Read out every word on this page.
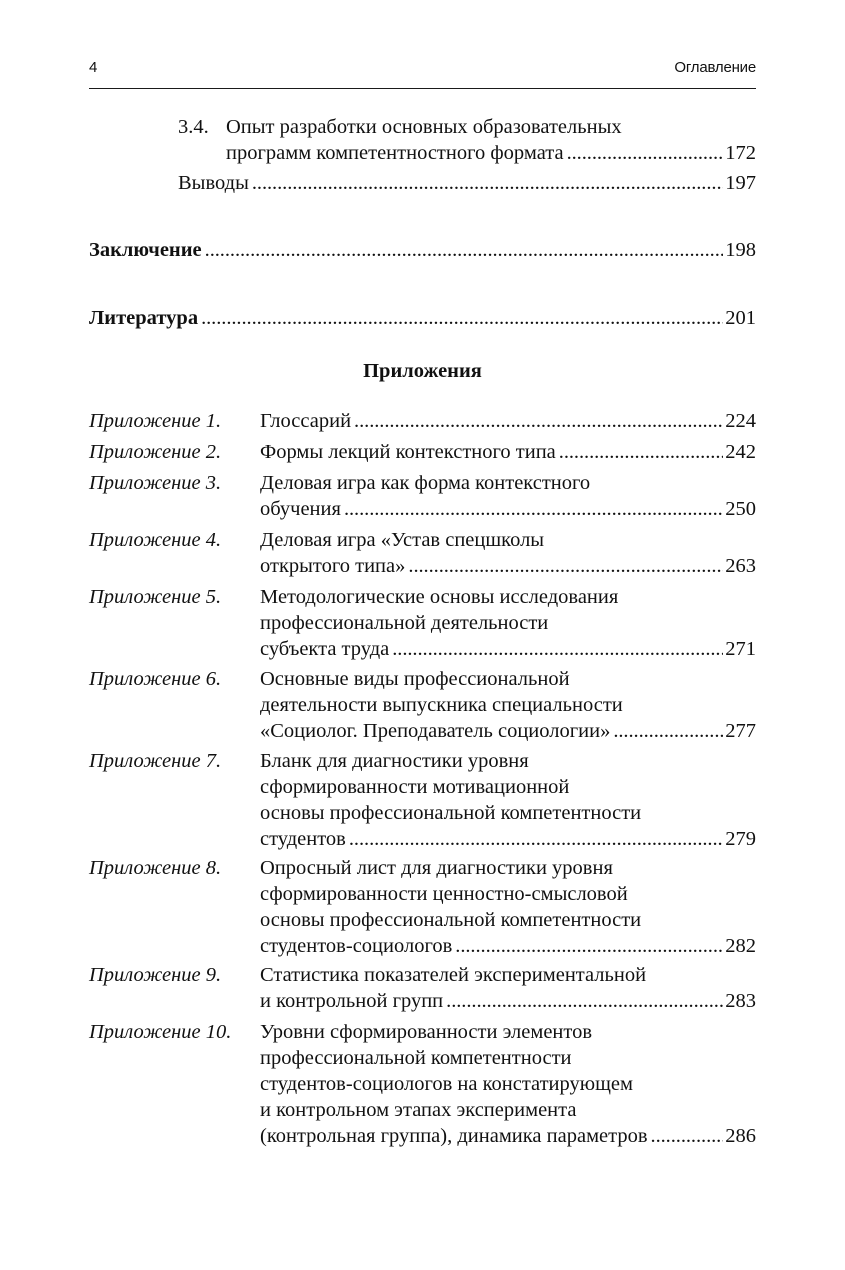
4	Оглавление
3.4. Опыт разработки основных образовательных
программ компетентностного формата . . .	172
Выводы . . .	197
Заключение . . .	198
Литература . . .	201
Приложения
Приложение 1. Глоссарий . . .	224
Приложение 2. Формы лекций контекстного типа . . .	242
Приложение 3. Деловая игра как форма контекстного
обучения . . .	250
Приложение 4. Деловая игра «Устав спецшколы
открытого типа» . . .	263
Приложение 5. Методологические основы исследования
профессиональной деятельности
субъекта труда . . .	271
Приложение 6. Основные виды профессиональной
деятельности выпускника специальности
«Социолог. Преподаватель социологии» . . .	277
Приложение 7. Бланк для диагностики уровня
сформированности мотивационной
основы профессиональной компетентности
студентов . . .	279
Приложение 8. Опросный лист для диагностики уровня
сформированности ценностно-смысловой
основы профессиональной компетентности
студентов-социологов . . .	282
Приложение 9. Статистика показателей экспериментальной
и контрольной групп . . .	283
Приложение 10. Уровни сформированности элементов
профессиональной компетентности
студентов-социологов на констатирующем
и контрольном этапах эксперимента
(контрольная группа), динамика параметров . . .	286
